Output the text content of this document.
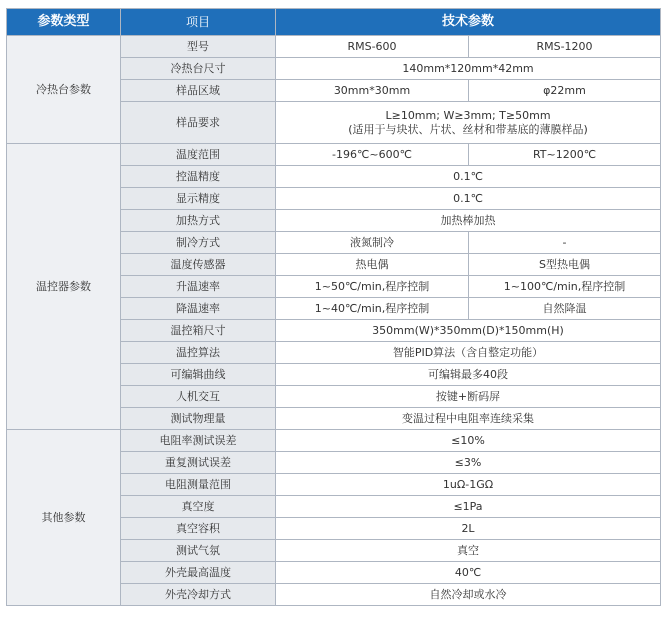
参数类型	项目	技术参数	
冷热台参数	型号	RMS-600	RMS-1200
	冷热台尺寸	140mm*120mm*42mm	
	样品区域	30mm*30mm	φ22mm
	样品要求	L≥10mm; W≥3mm; T≥50mm
(适用于与块状、片状、丝材和带基底的薄膜样品)	

温控器参数	温度范围	-196℃~600℃	RT~1200℃
	控温精度	0.1℃	
	显示精度	0.1℃	
	加热方式	加热棒加热	
	制冷方式	液氮制冷	-
	温度传感器	热电偶	S型热电偶
	升温速率	1~50℃/min,程序控制	1~100℃/min,程序控制
	降温速率	1~40℃/min,程序控制	自然降温
	温控箱尺寸	350mm(W)*350mm(D)*150mm(H)	
	温控算法	智能PID算法（含自整定功能）	
	可编辑曲线	可编辑最多40段	
	人机交互	按键+断码屏	
	测试物理量	变温过程中电阻率连续采集	
其他参数	电阻率测试误差	≤10%	
	重复测试误差	≤3%	
	电阻测量范围	1uΩ-1GΩ	
	真空度	≤1Pa	
	真空容积	2L	
	测试气氛	真空	
	外壳最高温度	40℃	
	外壳冷却方式	自然冷却或水冷	
